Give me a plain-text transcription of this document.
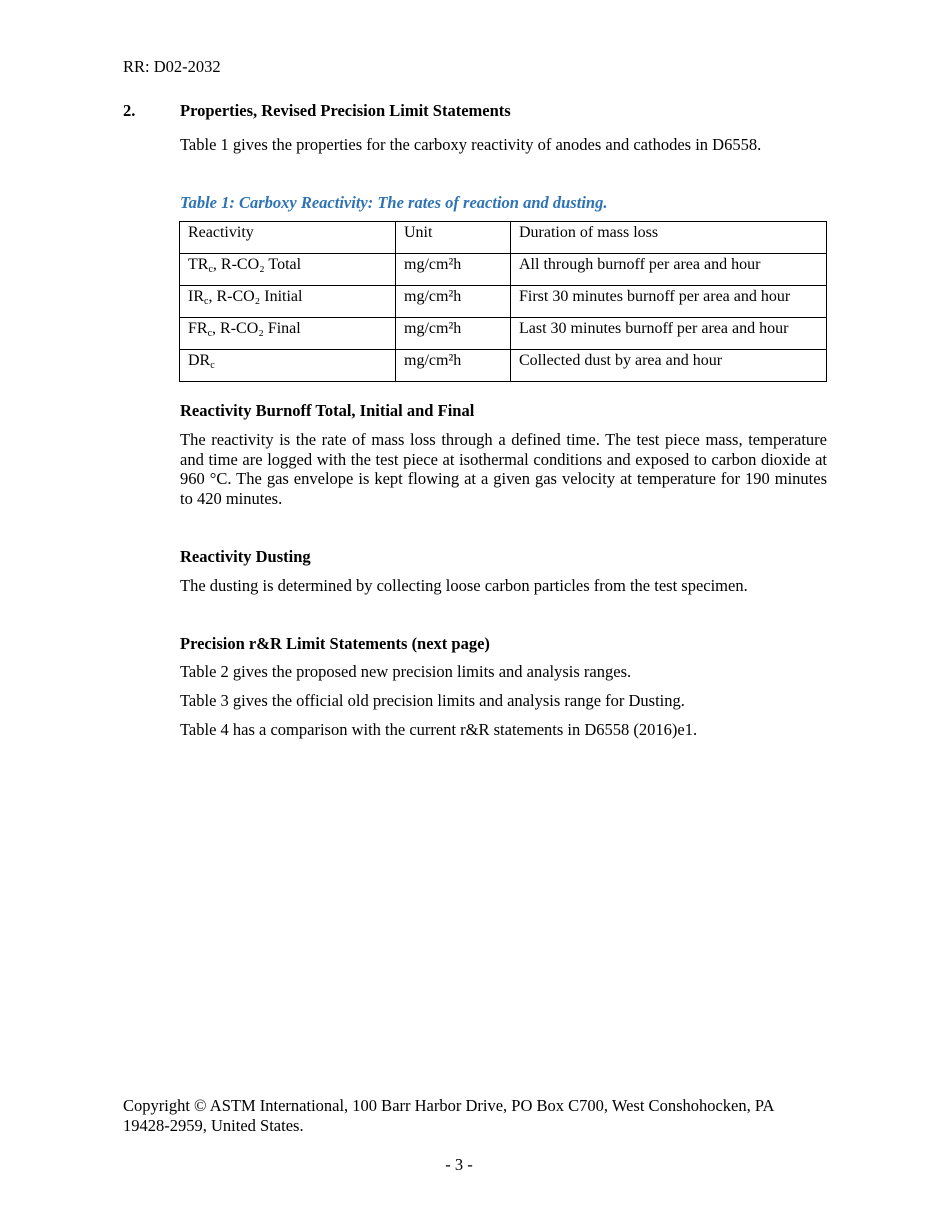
RR: D02-2032
2.	Properties, Revised Precision Limit Statements
Table 1 gives the properties for the carboxy reactivity of anodes and cathodes in D6558.
Table 1: Carboxy Reactivity: The rates of reaction and dusting.
Reactivity	Unit	Duration of mass loss
$TR_c$, R-CO₂ Total	mg/cm²h	All through burnoff per area and hour
$IR_c$, R-CO₂ Initial	mg/cm²h	First 30 minutes burnoff per area and hour
$FR_c$, R-CO₂ Final	mg/cm²h	Last 30 minutes burnoff per area and hour
$DR_c$	mg/cm²h	Collected dust by area and hour
Reactivity Burnoff Total, Initial and Final
The reactivity is the rate of mass loss through a defined time. The test piece mass, temperature and time are logged with the test piece at isothermal conditions and exposed to carbon dioxide at 960 °C. The gas envelope is kept flowing at a given gas velocity at temperature for 190 minutes to 420 minutes.
Reactivity Dusting
The dusting is determined by collecting loose carbon particles from the test specimen.
Precision r&R Limit Statements (next page)
Table 2 gives the proposed new precision limits and analysis ranges.
Table 3 gives the official old precision limits and analysis range for Dusting.
Table 4 has a comparison with the current r&R statements in D6558 (2016)e1.
Copyright © ASTM International, 100 Barr Harbor Drive, PO Box C700, West Conshohocken, PA 19428-2959, United States.
- 3 -
